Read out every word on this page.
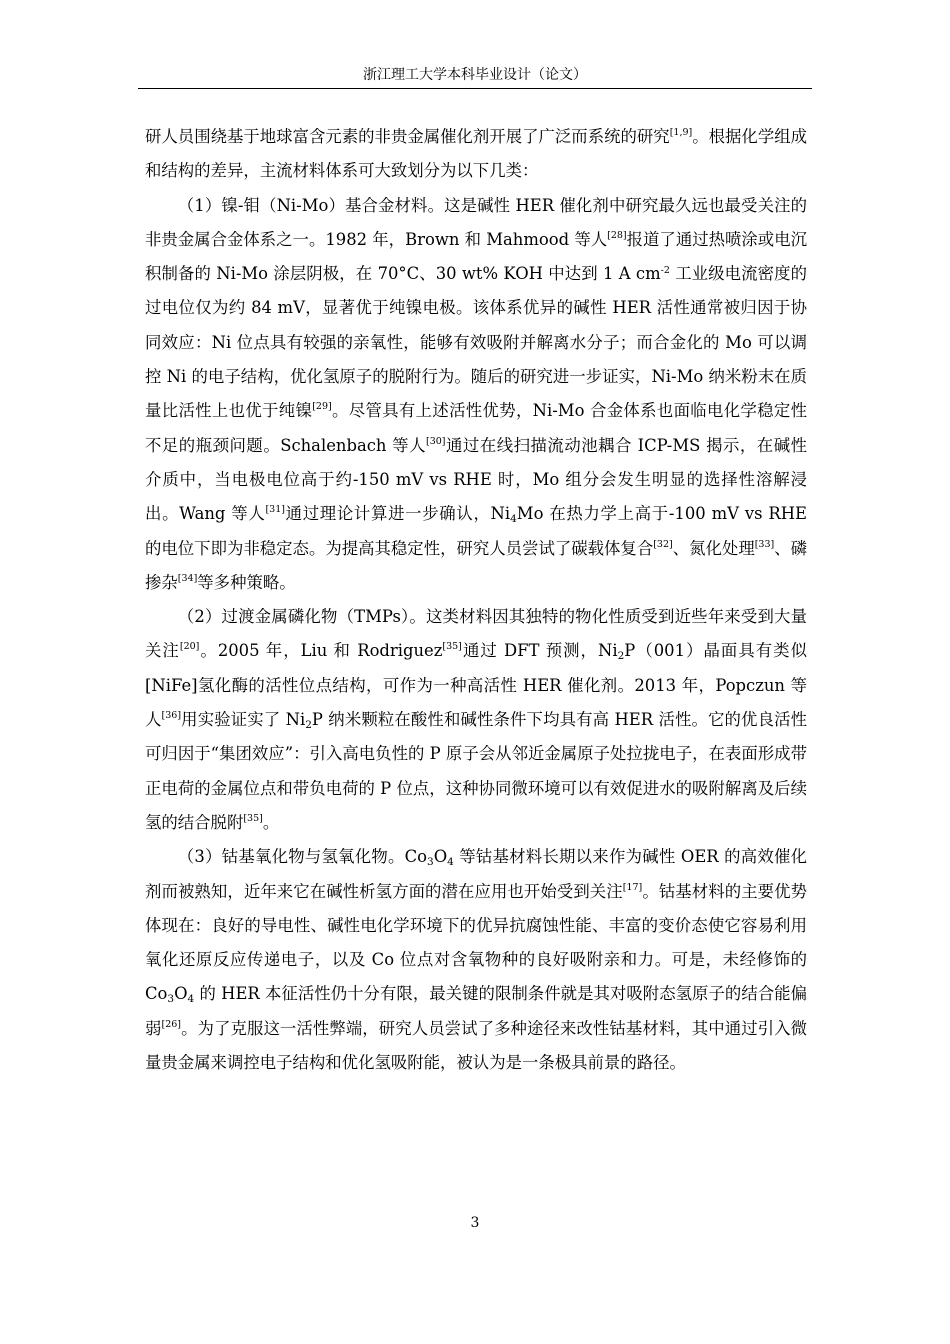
浙江理工大学本科毕业设计（论文）

研人员围绕基于地球富含元素的非贵金属催化剂开展了广泛而系统的研究[1,9]。根据化学组成和结构的差异，主流材料体系可大致划分为以下几类：

（1）镍-钼（Ni-Mo）基合金材料。这是碱性 HER 催化剂中研究最久远也最受关注的非贵金属合金体系之一。1982 年，Brown 和 Mahmood 等人[28]报道了通过热喷涂或电沉积制备的 Ni-Mo 涂层阴极，在 70°C、30 wt% KOH 中达到 1 A $cm^{-2}$ 工业级电流密度的过电位仅为约 84 mV，显著优于纯镍电极。该体系优异的碱性 HER 活性通常被归因于协同效应：Ni 位点具有较强的亲氧性，能够有效吸附并解离水分子；而合金化的 Mo 可以调控 Ni 的电子结构，优化氢原子的脱附行为。随后的研究进一步证实，Ni-Mo 纳米粉末在质量比活性上也优于纯镍[29]。尽管具有上述活性优势，Ni-Mo 合金体系也面临电化学稳定性不足的瓶颈问题。Schalenbach 等人[30]通过在线扫描流动池耦合 ICP-MS 揭示，在碱性介质中，当电极电位高于约-150 mV vs RHE 时，Mo 组分会发生明显的选择性溶解浸出。Wang 等人[31]通过理论计算进一步确认，$Ni_4Mo$ 在热力学上高于-100 mV vs RHE 的电位下即为非稳定态。为提高其稳定性，研究人员尝试了碳载体复合[32]、氮化处理[33]、磷掺杂[34]等多种策略。

（2）过渡金属磷化物（TMPs）。这类材料因其独特的物化性质受到近些年来受到大量关注[20]。2005 年，Liu 和 Rodriguez[35]通过 DFT 预测，$Ni_2P(001)$晶面具有类似[NiFe]氢化酶的活性位点结构，可作为一种高活性 HER 催化剂。2013 年，Popczun 等人[36]用实验证实了 $Ni_2P$ 纳米颗粒在酸性和碱性条件下均具有高 HER 活性。它的优良活性可归因于“集团效应”：引入高电负性的 P 原子会从邻近金属原子处拉拢电子，在表面形成带正电荷的金属位点和带负电荷的 P 位点，这种协同微环境可以有效促进水的吸附解离及后续氢的结合脱附[35]。

（3）钴基氧化物与氢氧化物。$Co_3O_4$ 等钴基材料长期以来作为碱性 OER 的高效催化剂而被熟知，近年来它在碱性析氢方面的潜在应用也开始受到关注[17]。钴基材料的主要优势体现在：良好的导电性、碱性电化学环境下的优异抗腐蚀性能、丰富的变价态使它容易利用氧化还原反应传递电子，以及 Co 位点对含氧物种的良好吸附亲和力。可是，未经修饰的 $Co_3O_4$ 的 HER 本征活性仍十分有限，最关键的限制条件就是其对吸附态氢原子的结合能偏弱[26]。为了克服这一活性弊端，研究人员尝试了多种途径来改性钴基材料，其中通过引入微量贵金属来调控电子结构和优化氢吸附能，被认为是一条极具前景的路径。

3
